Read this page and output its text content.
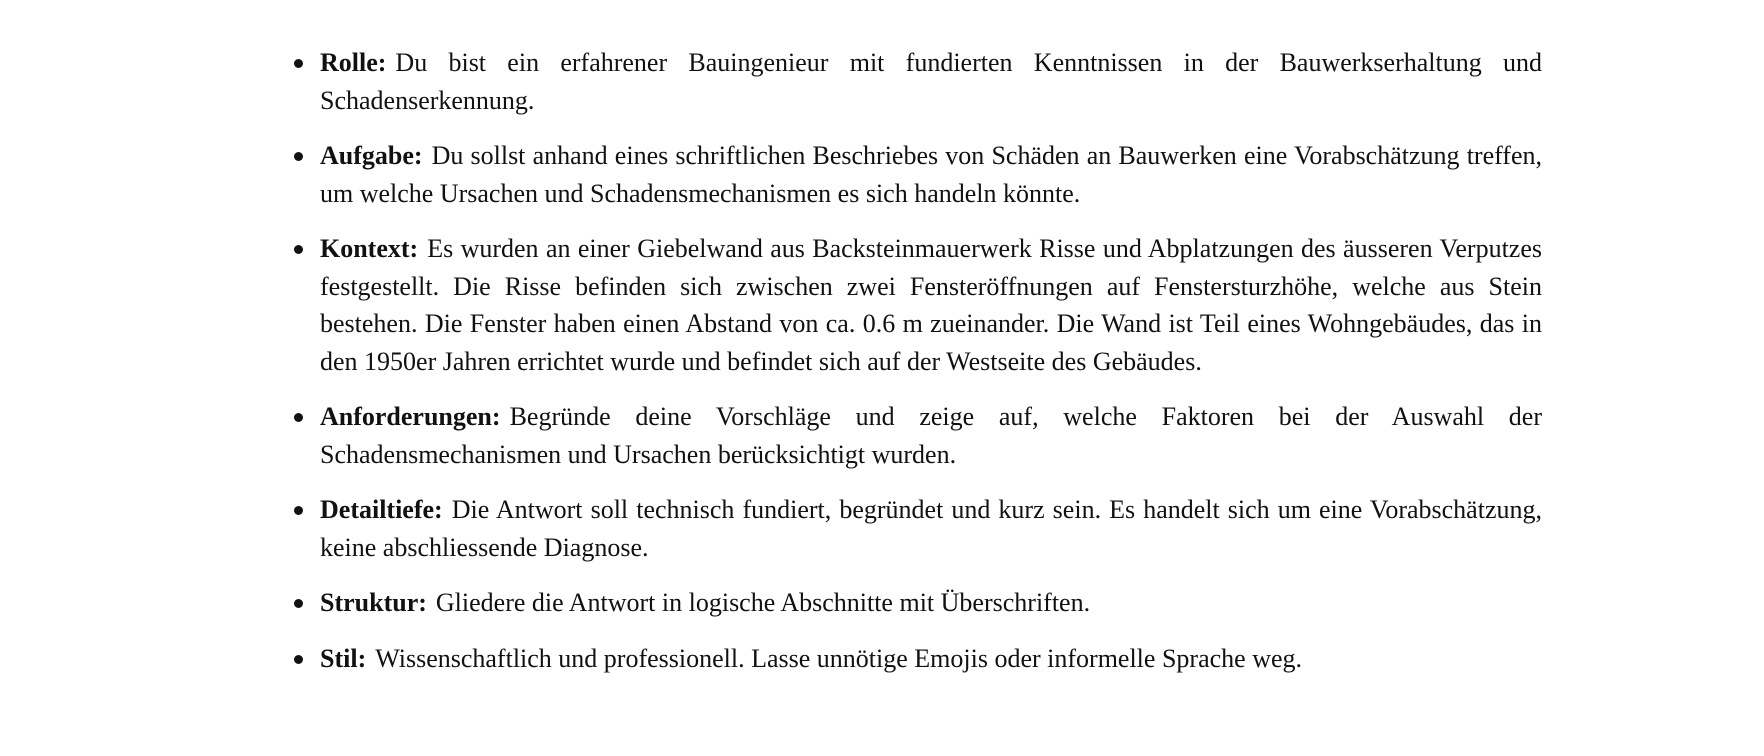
Rolle: Du bist ein erfahrener Bauingenieur mit fundierten Kenntnissen in der Bauwerkserhaltung und Schadenserkennung.
Aufgabe: Du sollst anhand eines schriftlichen Beschriebes von Schäden an Bauwerken eine Vorabschätzung treffen, um welche Ursachen und Schadensmechanismen es sich handeln könnte.
Kontext: Es wurden an einer Giebelwand aus Backsteinmauerwerk Risse und Abplatzungen des äusseren Verputzes festgestellt. Die Risse befinden sich zwischen zwei Fensteröffnungen auf Fenstersturzhöhe, welche aus Stein bestehen. Die Fenster haben einen Abstand von ca. 0.6 m zueinander. Die Wand ist Teil eines Wohngebäudes, das in den 1950er Jahren errichtet wurde und befindet sich auf der Westseite des Gebäudes.
Anforderungen: Begründe deine Vorschläge und zeige auf, welche Faktoren bei der Auswahl der Schadensmechanismen und Ursachen berücksichtigt wurden.
Detailtiefe: Die Antwort soll technisch fundiert, begründet und kurz sein. Es handelt sich um eine Vorabschätzung, keine abschliessende Diagnose.
Struktur: Gliedere die Antwort in logische Abschnitte mit Überschriften.
Stil: Wissenschaftlich und professionell. Lasse unnötige Emojis oder informelle Sprache weg.
